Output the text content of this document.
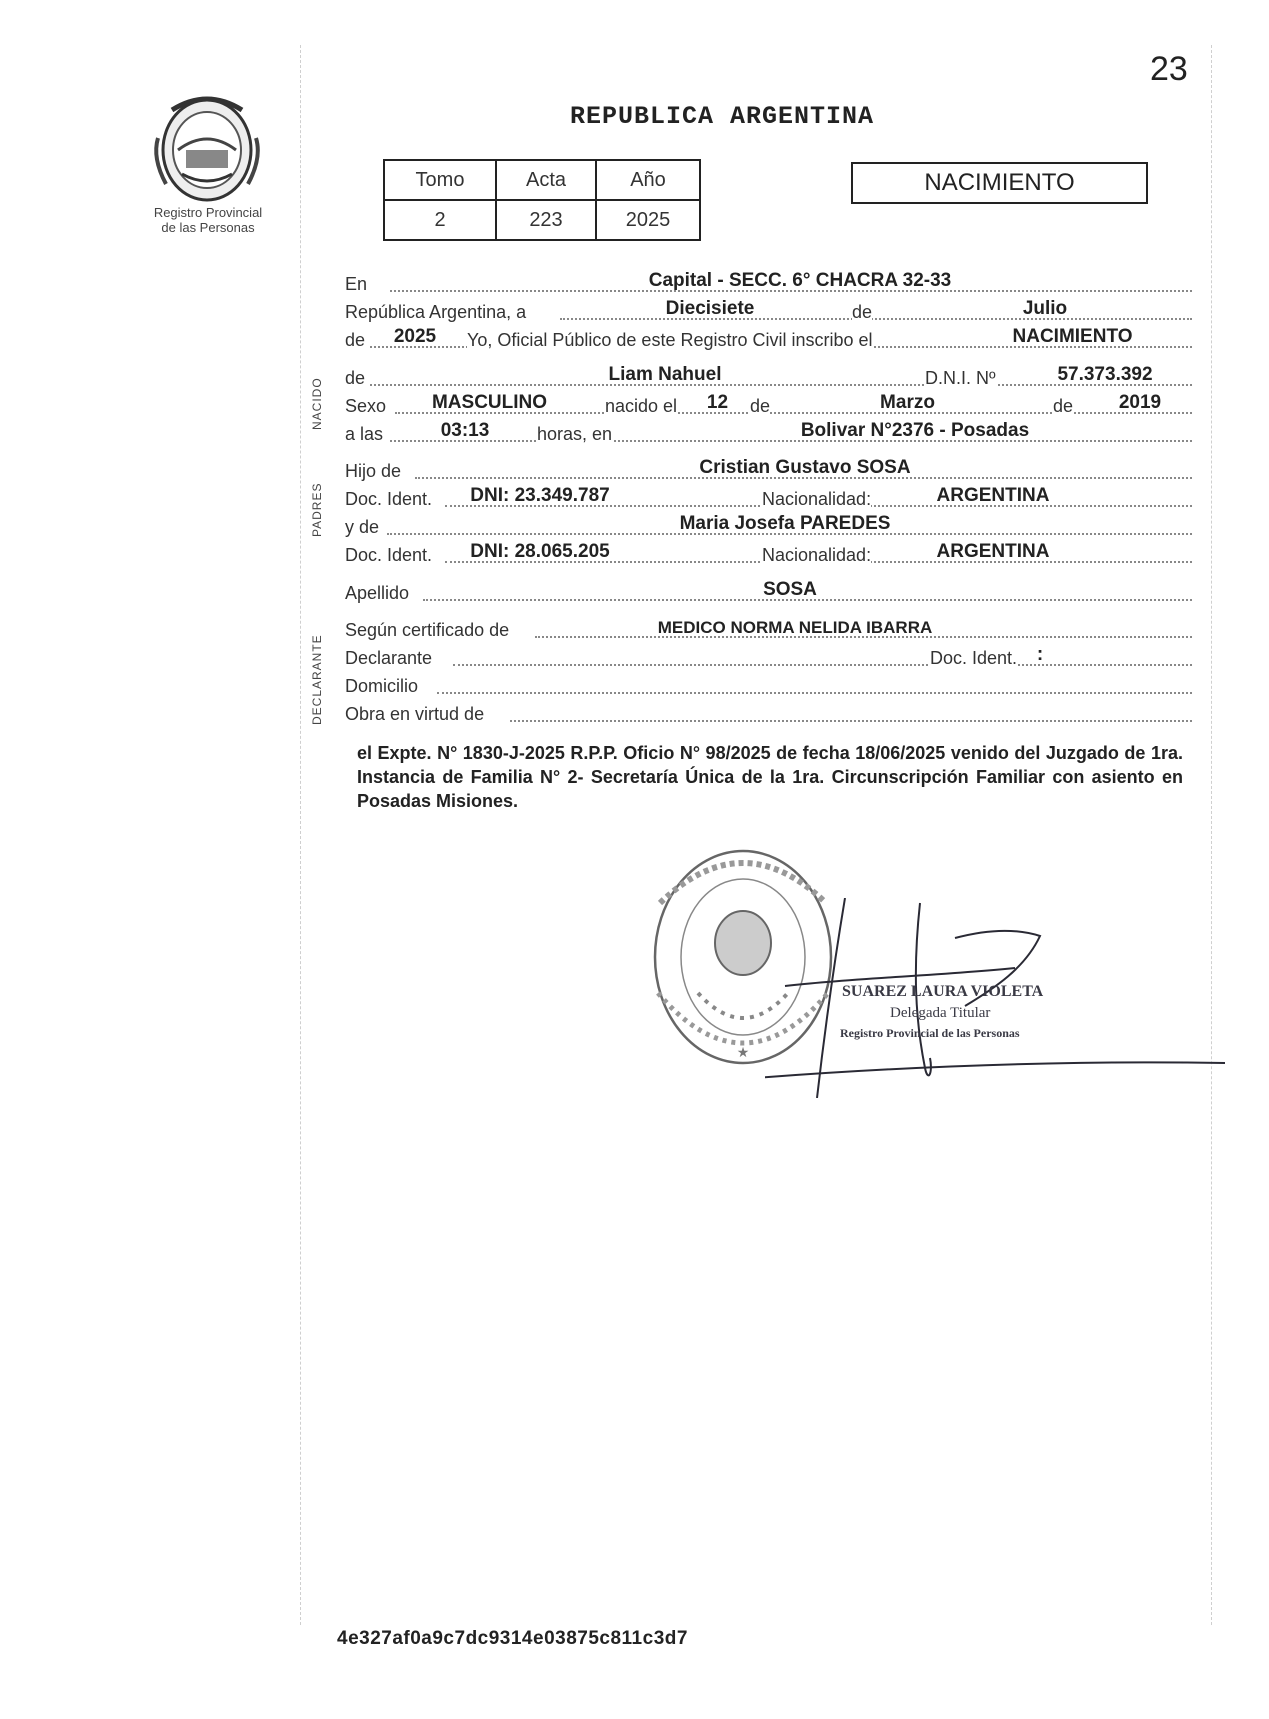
23
Registro Provincial
de las Personas
REPUBLICA ARGENTINA
Tomo	Acta	Año
2	223	2025
NACIMIENTO
NACIDO
PADRES
DECLARANTE
En	Capital - SECC. 6° CHACRA 32-33
República Argentina, a	Diecisiete	de	Julio
de	2025	Yo, Oficial Público de este Registro Civil inscribo el	NACIMIENTO
de	Liam Nahuel	D.N.I. Nº	57.373.392
Sexo	MASCULINO	nacido el	12	de	Marzo	de	2019
a las	03:13	horas, en	Bolivar N°2376 - Posadas
Hijo de	Cristian Gustavo SOSA
Doc. Ident.	DNI: 23.349.787	Nacionalidad:	ARGENTINA
y de	Maria Josefa PAREDES
Doc. Ident.	DNI: 28.065.205	Nacionalidad:	ARGENTINA
Apellido	SOSA
Según certificado de	MEDICO NORMA NELIDA IBARRA
Declarante	Doc. Ident. :
Domicilio
Obra en virtud de
el Expte. N° 1830-J-2025 R.P.P. Oficio N° 98/2025 de fecha 18/06/2025 venido del Juzgado de 1ra. Instancia de Familia N° 2- Secretaría Única de la 1ra. Circunscripción Familiar con asiento en Posadas Misiones.
★
SUAREZ LAURA VIOLETA
Delegada Titular
Registro Provincial de las Personas
4e327af0a9c7dc9314e03875c811c3d7
